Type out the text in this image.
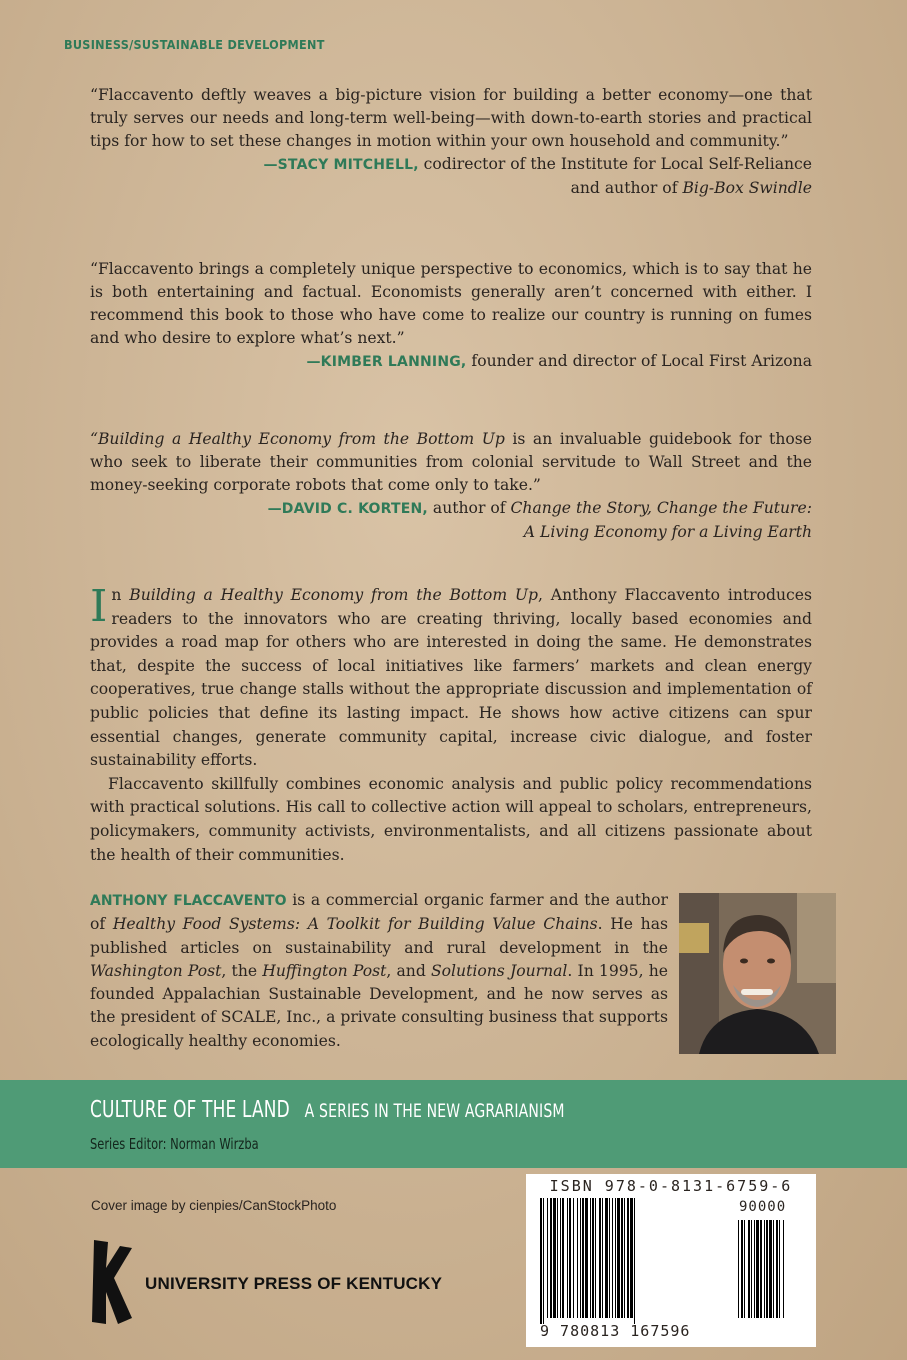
BUSINESS/SUSTAINABLE DEVELOPMENT

“Flaccavento deftly weaves a big-picture vision for building a better economy—one that truly serves our needs and long-term well-being—with down-to-earth stories and practical tips for how to set these changes in motion within your own household and community.”

—STACY MITCHELL, codirector of the Institute for Local Self-Reliance
and author of Big-Box Swindle

“Flaccavento brings a completely unique perspective to economics, which is to say that he is both entertaining and factual. Economists generally aren’t concerned with either. I recommend this book to those who have come to realize our country is running on fumes and who desire to explore what’s next.”

—KIMBER LANNING, founder and director of Local First Arizona

“Building a Healthy Economy from the Bottom Up is an invaluable guidebook for those who seek to liberate their communities from colonial servitude to Wall Street and the money-seeking corporate robots that come only to take.”

—DAVID C. KORTEN, author of Change the Story, Change the Future:
A Living Economy for a Living Earth

In Building a Healthy Economy from the Bottom Up, Anthony Flaccavento introduces readers to the innovators who are creating thriving, locally based economies and provides a road map for others who are interested in doing the same. He demonstrates that, despite the success of local initiatives like farmers’ markets and clean energy cooperatives, true change stalls without the appropriate discussion and implementation of public policies that define its lasting impact. He shows how active citizens can spur essential changes, generate community capital, increase civic dialogue, and foster sustainability efforts.

Flaccavento skillfully combines economic analysis and public policy recommendations with practical solutions. His call to collective action will appeal to scholars, entrepreneurs, policymakers, community activists, environmentalists, and all citizens passionate about the health of their communities.

ANTHONY FLACCAVENTO is a commercial organic farmer and the author of Healthy Food Systems: A Toolkit for Building Value Chains. He has published articles on sustainability and rural development in the Washington Post, the Huffington Post, and Solutions Journal. In 1995, he founded Appalachian Sustainable Development, and he now serves as the president of SCALE, Inc., a private consulting business that supports ecologically healthy economies.
CULTURE OF THE LAND A SERIES IN THE NEW AGRARIANISM
Series Editor: Norman Wirzba
Cover image by cienpies/CanStockPhoto
UNIVERSITY PRESS OF KENTUCKY
ISBN 978-0-8131-6759-6
90000
9 780813 167596
